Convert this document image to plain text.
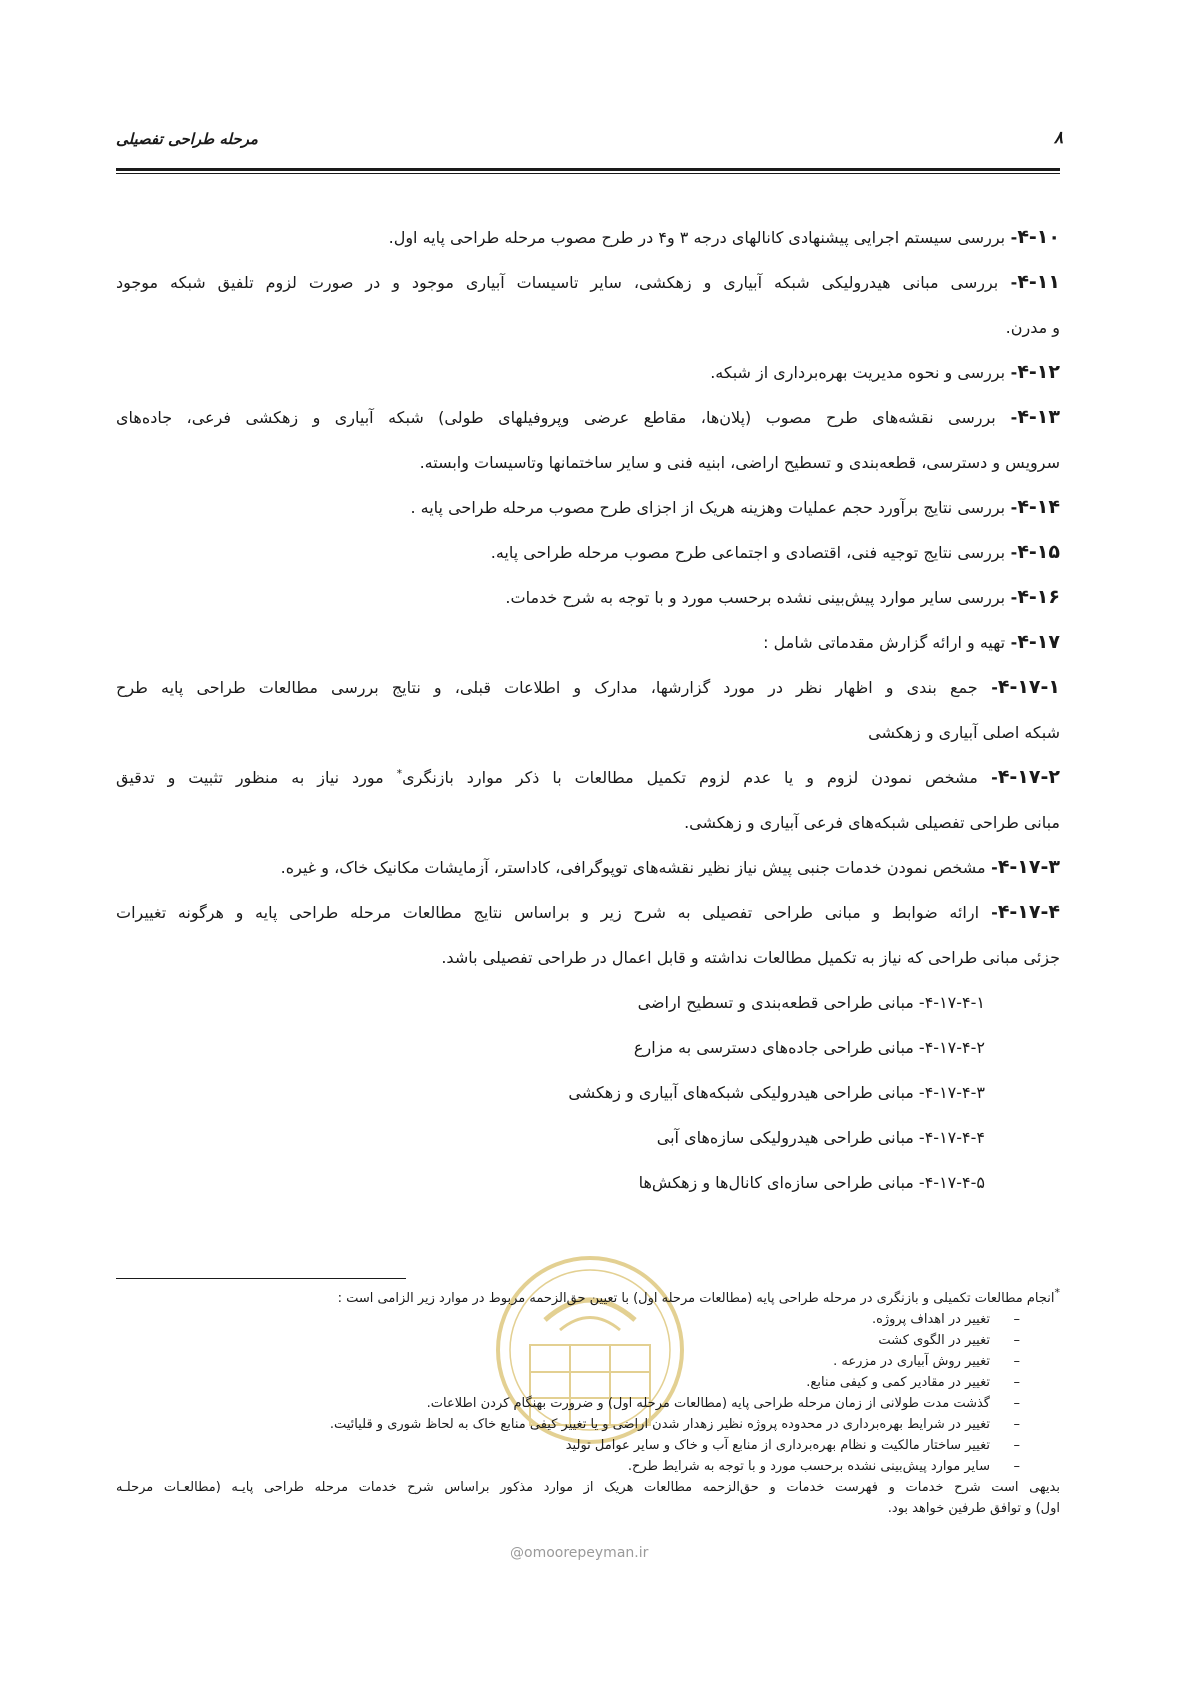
مرحله طراحی تفصیلی	۸
۴-۱۰- بررسی سیستم اجرایی پیشنهادی کانالهای درجه ۳ و۴ در طرح مصوب مرحله طراحی پایه اول.
۴-۱۱- بررسی مبانی هیدرولیکی شبکه آبیاری و زهکشی، سایر تاسیسات آبیاری موجود و در صورت لزوم تلفیق شبکه موجود
و مدرن.
۴-۱۲- بررسی و نحوه مدیریت بهره‌برداری از شبکه.
۴-۱۳- بررسی نقشه‌های طرح مصوب (پلان‌ها، مقاطع عرضی وپروفیلهای طولی) شبکه آبیاری و زهکشی فرعی، جاده‌های
سرویس و دسترسی، قطعه‌بندی و تسطیح اراضی، ابنیه فنی و سایر ساختمانها وتاسیسات وابسته.
۴-۱۴- بررسی نتایج برآورد حجم عملیات وهزینه هریک از اجزای طرح مصوب مرحله طراحی پایه .
۴-۱۵- بررسی نتایج توجیه فنی، اقتصادی و اجتماعی طرح مصوب مرحله طراحی پایه.
۴-۱۶- بررسی سایر موارد پیش‌بینی نشده برحسب مورد و با توجه به شرح خدمات.
۴-۱۷- تهیه و ارائه گزارش مقدماتی شامل :
۴-۱۷-۱- جمع بندی و اظهار نظر در مورد گزارشها، مدارک و اطلاعات قبلی، و نتایج بررسی مطالعات طراحی پایه طرح
شبکه اصلی آبیاری و زهکشی
۴-۱۷-۲- مشخص نمودن لزوم و یا عدم لزوم تکمیل مطالعات با ذکر موارد بازنگری* مورد نیاز به منظور تثبیت و تدقیق
مبانی طراحی تفصیلی شبکه‌های فرعی آبیاری و زهکشی.
۴-۱۷-۳- مشخص نمودن خدمات جنبی پیش نیاز نظیر نقشه‌های توپوگرافی، کاداستر، آزمایشات مکانیک خاک، و غیره.
۴-۱۷-۴- ارائه ضوابط و مبانی طراحی تفصیلی به شرح زیر و براساس نتایج مطالعات مرحله طراحی پایه و هرگونه تغییرات
جزئی مبانی طراحی که نیاز به تکمیل مطالعات نداشته و قابل اعمال در طراحی تفصیلی باشد.
۴-۱۷-۴-۱- مبانی طراحی قطعه‌بندی و تسطیح اراضی
۴-۱۷-۴-۲- مبانی طراحی جاده‌های دسترسی به مزارع
۴-۱۷-۴-۳- مبانی طراحی هیدرولیکی شبکه‌های آبیاری و زهکشی
۴-۱۷-۴-۴- مبانی طراحی هیدرولیکی سازه‌های آبی
۴-۱۷-۴-۵- مبانی طراحی سازه‌ای کانال‌ها و زهکش‌ها
@omoorepeyman.ir
*انجام مطالعات تکمیلی و بازنگری در مرحله طراحی پایه (مطالعات مرحله اول) با تعیین حق‌الزحمه مربوط در موارد زیر الزامی است :
–تغییر در اهداف پروژه.
–تغییر در الگوی کشت
–تغییر روش آبیاری در مزرعه .
–تغییر در مقادیر کمی و کیفی منابع.
–گذشت مدت طولانی از زمان مرحله طراحی پایه (مطالعات مرحله اول) و ضرورت بهنگام کردن اطلاعات.
–تغییر در شرایط بهره‌برداری در محدوده پروژه نظیر زهدار شدن اراضی و یا تغییر کیفی منابع خاک به لحاظ شوری و قلیائیت.
–تغییر ساختار مالکیت و نظام بهره‌برداری از منابع آب و خاک و سایر عوامل تولید
–سایر موارد پیش‌بینی نشده برحسب مورد و با توجه به شرایط طرح.
بدیهی است شرح خدمات و فهرست خدمات و حق‌الزحمه مطالعات هریک از موارد مذکور براساس شرح خدمات مرحله طراحی پایـه (مطالعـات مرحلـه
اول) و توافق طرفین خواهد بود.
